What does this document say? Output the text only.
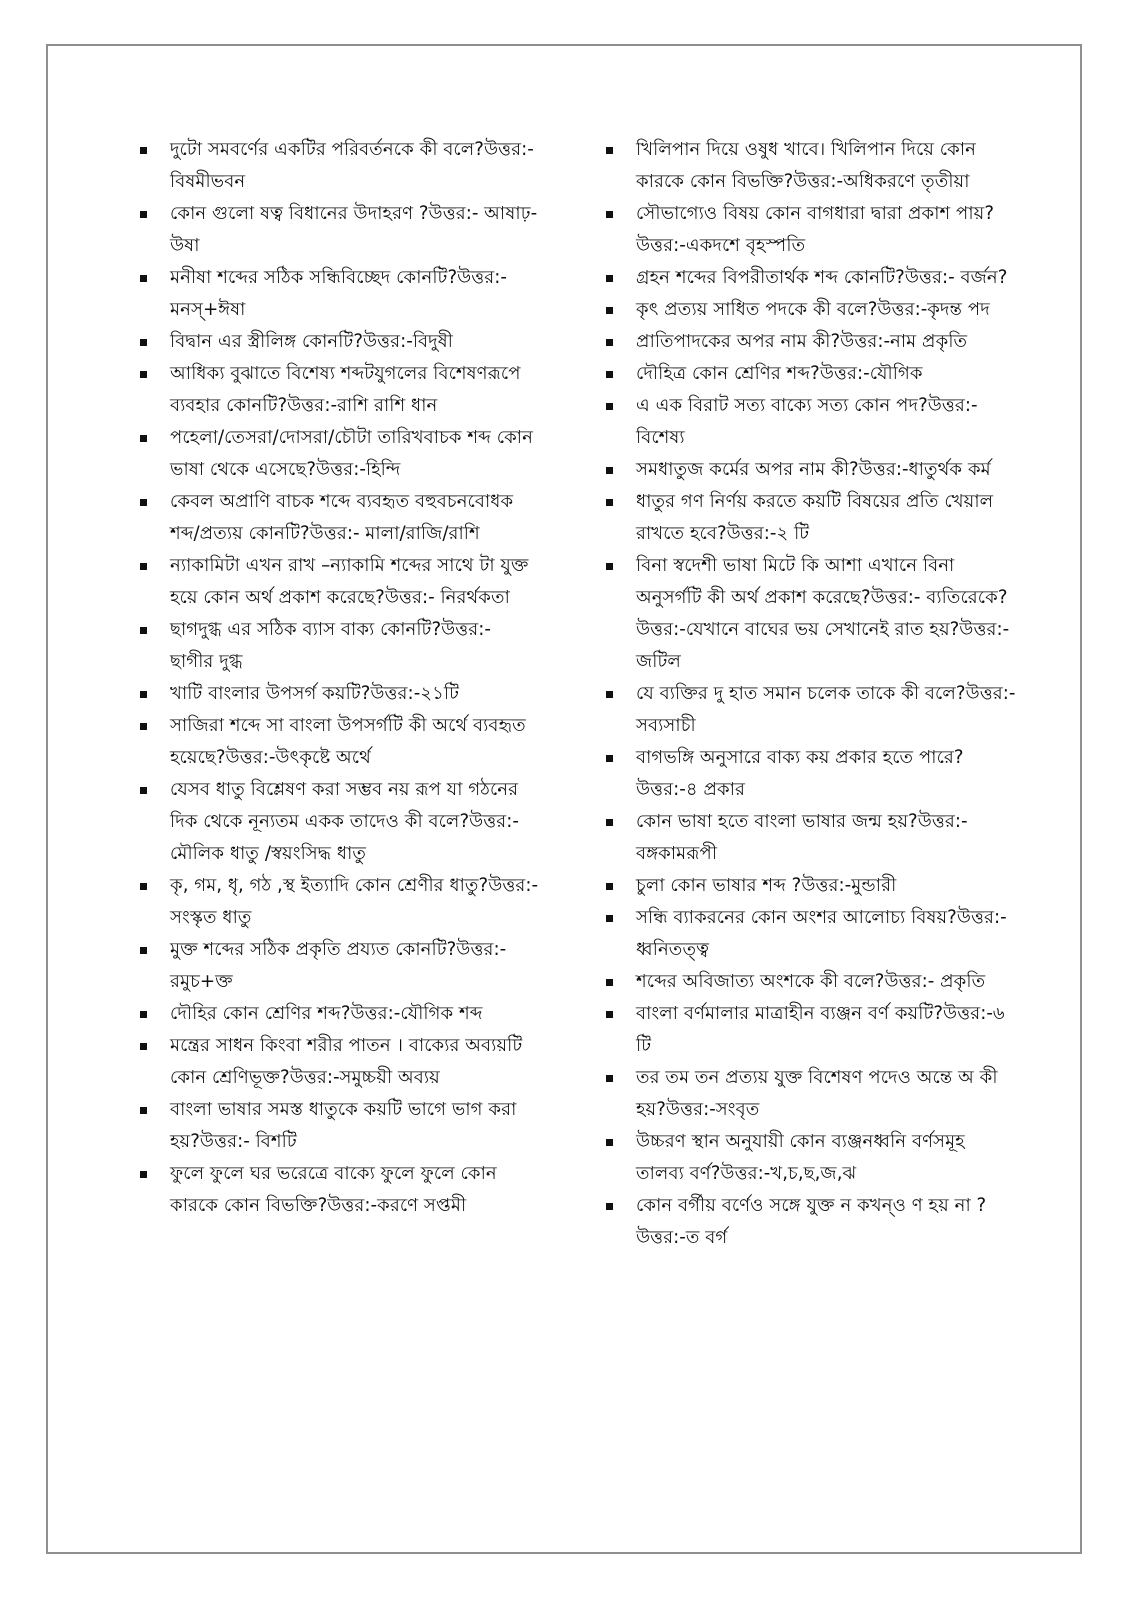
দুটো সমবর্ণের একটির পরিবর্তনকে কী বলে?উত্তর:- বিষমীভবন
কোন গুলো ষত্ব বিধানের উদাহরণ ?উত্তর:- আষাঢ়- উষা
মনীষা শব্দের সঠিক সন্ধিবিচ্ছেদ কোনটি?উত্তর:-মনস্+ঈষা
বিদ্বান এর স্ত্রীলিঙ্গ কোনটি?উত্তর:-বিদুষী
আধিক্য বুঝাতে বিশেষ্য শব্দটযুগলের বিশেষণরূপে ব্যবহার কোনটি?উত্তর:-রাশি রাশি ধান
পহেলা/তেসরা/দোসরা/চৌটা তারিখবাচক শব্দ কোন ভাষা থেকে এসেছে?উত্তর:-হিন্দি
কেবল অপ্রাণি বাচক শব্দে ব্যবহৃত বহুবচনবোধক শব্দ/প্রত্যয় কোনটি?উত্তর:- মালা/রাজি/রাশি
ন্যাকামিটা এখন রাখ –ন্যাকামি শব্দের সাথে টা যুক্ত হয়ে কোন অর্থ প্রকাশ করেছে?উত্তর:- নিরর্থকতা
ছাগদুগ্ধ এর সঠিক ব্যাস বাক্য কোনটি?উত্তর:- ছাগীর দুগ্ধ
খাটি বাংলার উপসর্গ কয়টি?উত্তর:-২১টি
সাজিরা শব্দে সা বাংলা উপসর্গটি কী অর্থে ব্যবহৃত হয়েছে?উত্তর:-উৎকৃষ্টে অর্থে
যেসব ধাতু বিশ্লেষণ করা সম্ভব নয় রূপ যা গঠনের দিক থেকে নূন্যতম একক তাদেও কী বলে?উত্তর:-মৌলিক ধাতু /স্বয়ংসিদ্ধ ধাতু
কৃ, গম, ধৃ, গঠ ,স্থ ইত্যাদি কোন শ্রেণীর ধাতু?উত্তর:-সংস্কৃত ধাতু
মুক্ত শব্দের সঠিক প্রকৃতি প্রয্যত কোনটি?উত্তর:-রমুচ+ক্ত
দৌহির কোন শ্রেণির শব্দ?উত্তর:-যৌগিক শব্দ
মন্ত্রের সাধন কিংবা শরীর পাতন । বাক্যের অব্যয়টি কোন শ্রেণিভূক্ত?উত্তর:-সমুচ্চয়ী অব্যয়
বাংলা ভাষার সমস্ত ধাতুকে কয়টি ভাগে ভাগ করা হয়?উত্তর:- বিশটি
ফুলে ফুলে ঘর ভরেত্রে বাক্যে ফুলে ফুলে কোন কারকে কোন বিভক্তি?উত্তর:-করণে সপ্তমী
খিলিপান দিয়ে ওষুধ খাবে। খিলিপান দিয়ে কোন কারকে কোন বিভক্তি?উত্তর:-অধিকরণে তৃতীয়া
সৌভাগ্যেও বিষয় কোন বাগধারা দ্বারা প্রকাশ পায়?উত্তর:-একদশে বৃহস্পতি
গ্রহন শব্দের বিপরীতার্থক শব্দ কোনটি?উত্তর:- বর্জন?
কৃৎ প্রত্যয় সাধিত পদকে কী বলে?উত্তর:-কৃদন্ত পদ
প্রাতিপাদকের অপর নাম কী?উত্তর:-নাম প্রকৃতি
দৌহিত্র কোন শ্রেণির শব্দ?উত্তর:-যৌগিক
এ এক বিরাট সত্য বাক্যে সত্য কোন পদ?উত্তর:-বিশেষ্য
সমধাতুজ কর্মের অপর নাম কী?উত্তর:-ধাতুর্থক কর্ম
ধাতুর গণ নির্ণয় করতে কয়টি বিষয়ের প্রতি খেয়াল রাখতে হবে?উত্তর:-২ টি
বিনা স্বদেশী ভাষা মিটে কি আশা এখানে বিনা অনুসর্গটি কী অর্থ প্রকাশ করেছে?উত্তর:- ব্যতিরেকে?উত্তর:-যেখানে বাঘের ভয় সেখানেই রাত হয়?উত্তর:-জটিল
যে ব্যক্তির দু হাত সমান চলেক তাকে কী বলে?উত্তর:-সব্যসাচী
বাগভঙ্গি অনুসারে বাক্য কয় প্রকার হতে পারে?উত্তর:-৪ প্রকার
কোন ভাষা হতে বাংলা ভাষার জন্ম হয়?উত্তর:- বঙ্গকামরূপী
চুলা কোন ভাষার শব্দ ?উত্তর:-মুন্ডারী
সন্ধি ব্যাকরনের কোন অংশর আলোচ্য বিষয়?উত্তর:-ধ্বনিতত্ত্ব
শব্দের অবিজাত্য অংশকে কী বলে?উত্তর:- প্রকৃতি
বাংলা বর্ণমালার মাত্রাহীন ব্যঞ্জন বর্ণ কয়টি?উত্তর:-৬ টি
তর তম তন প্রত্যয় যুক্ত বিশেষণ পদেও অন্তে অ কী হয়?উত্তর:-সংবৃত
উচ্চরণ স্থান অনুযায়ী কোন ব্যঞ্জনধ্বনি বর্ণসমূহ তালব্য বর্ণ?উত্তর:-খ,চ,ছ,জ,ঝ
কোন বর্গীয় বর্ণেও সঙ্গে যুক্ত ন কখন্ও ণ হয় না ?উত্তর:-ত বর্গ
